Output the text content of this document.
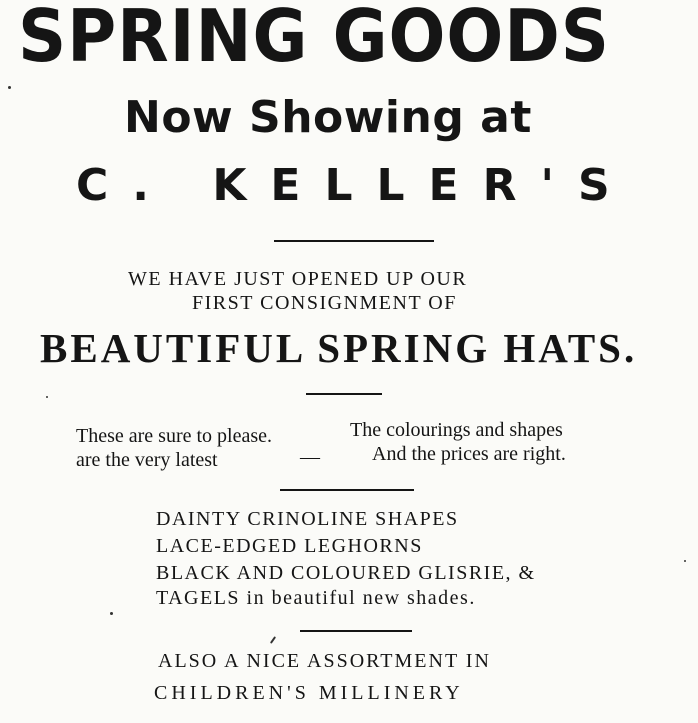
SPRING GOODS
Now Showing at
C. KELLER'S
WE HAVE JUST OPENED UP OUR
FIRST CONSIGNMENT OF
BEAUTIFUL SPRING HATS.
These are sure to please.	The colourings and shapes
are the very latest	—	And the prices are right.
DAINTY CRINOLINE SHAPES
LACE-EDGED LEGHORNS
BLACK AND COLOURED GLISRIE, &
TAGELS in beautiful new shades.
ALSO A NICE ASSORTMENT IN
CHILDREN'S MILLINERY
